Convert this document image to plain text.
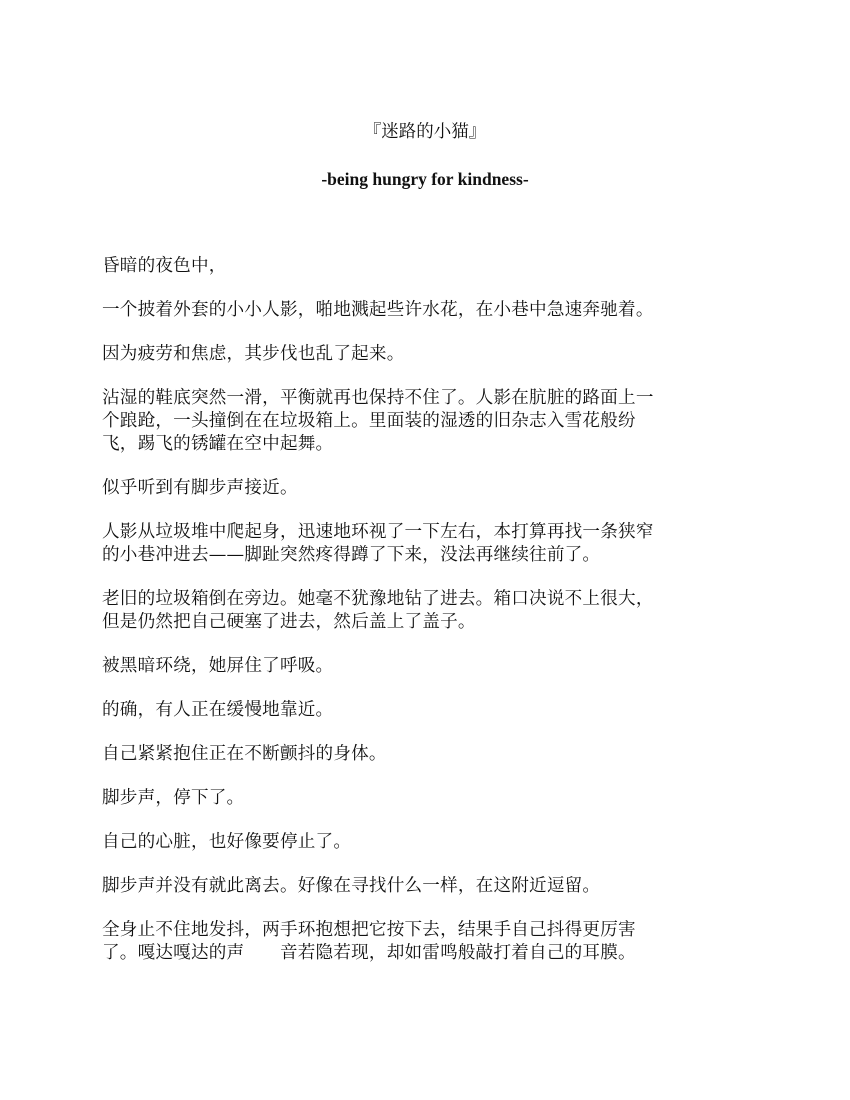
『迷路的小猫』
-being hungry for kindness-

昏暗的夜色中，

一个披着外套的小小人影，啪地溅起些许水花，在小巷中急速奔驰着。

因为疲劳和焦虑，其步伐也乱了起来。

沾湿的鞋底突然一滑，平衡就再也保持不住了。人影在肮脏的路面上一
个踉跄，一头撞倒在在垃圾箱上。里面装的湿透的旧杂志入雪花般纷
飞，踢飞的锈罐在空中起舞。

似乎听到有脚步声接近。

人影从垃圾堆中爬起身，迅速地环视了一下左右，本打算再找一条狭窄
的小巷冲进去——脚趾突然疼得蹲了下来，没法再继续往前了。

老旧的垃圾箱倒在旁边。她毫不犹豫地钻了进去。箱口决说不上很大，
但是仍然把自己硬塞了进去，然后盖上了盖子。

被黑暗环绕，她屏住了呼吸。

的确，有人正在缓慢地靠近。

自己紧紧抱住正在不断颤抖的身体。

脚步声，停下了。

自己的心脏，也好像要停止了。

脚步声并没有就此离去。好像在寻找什么一样，在这附近逗留。

全身止不住地发抖，两手环抱想把它按下去，结果手自己抖得更厉害
了。嘎达嘎达的声　　音若隐若现，却如雷鸣般敲打着自己的耳膜。
